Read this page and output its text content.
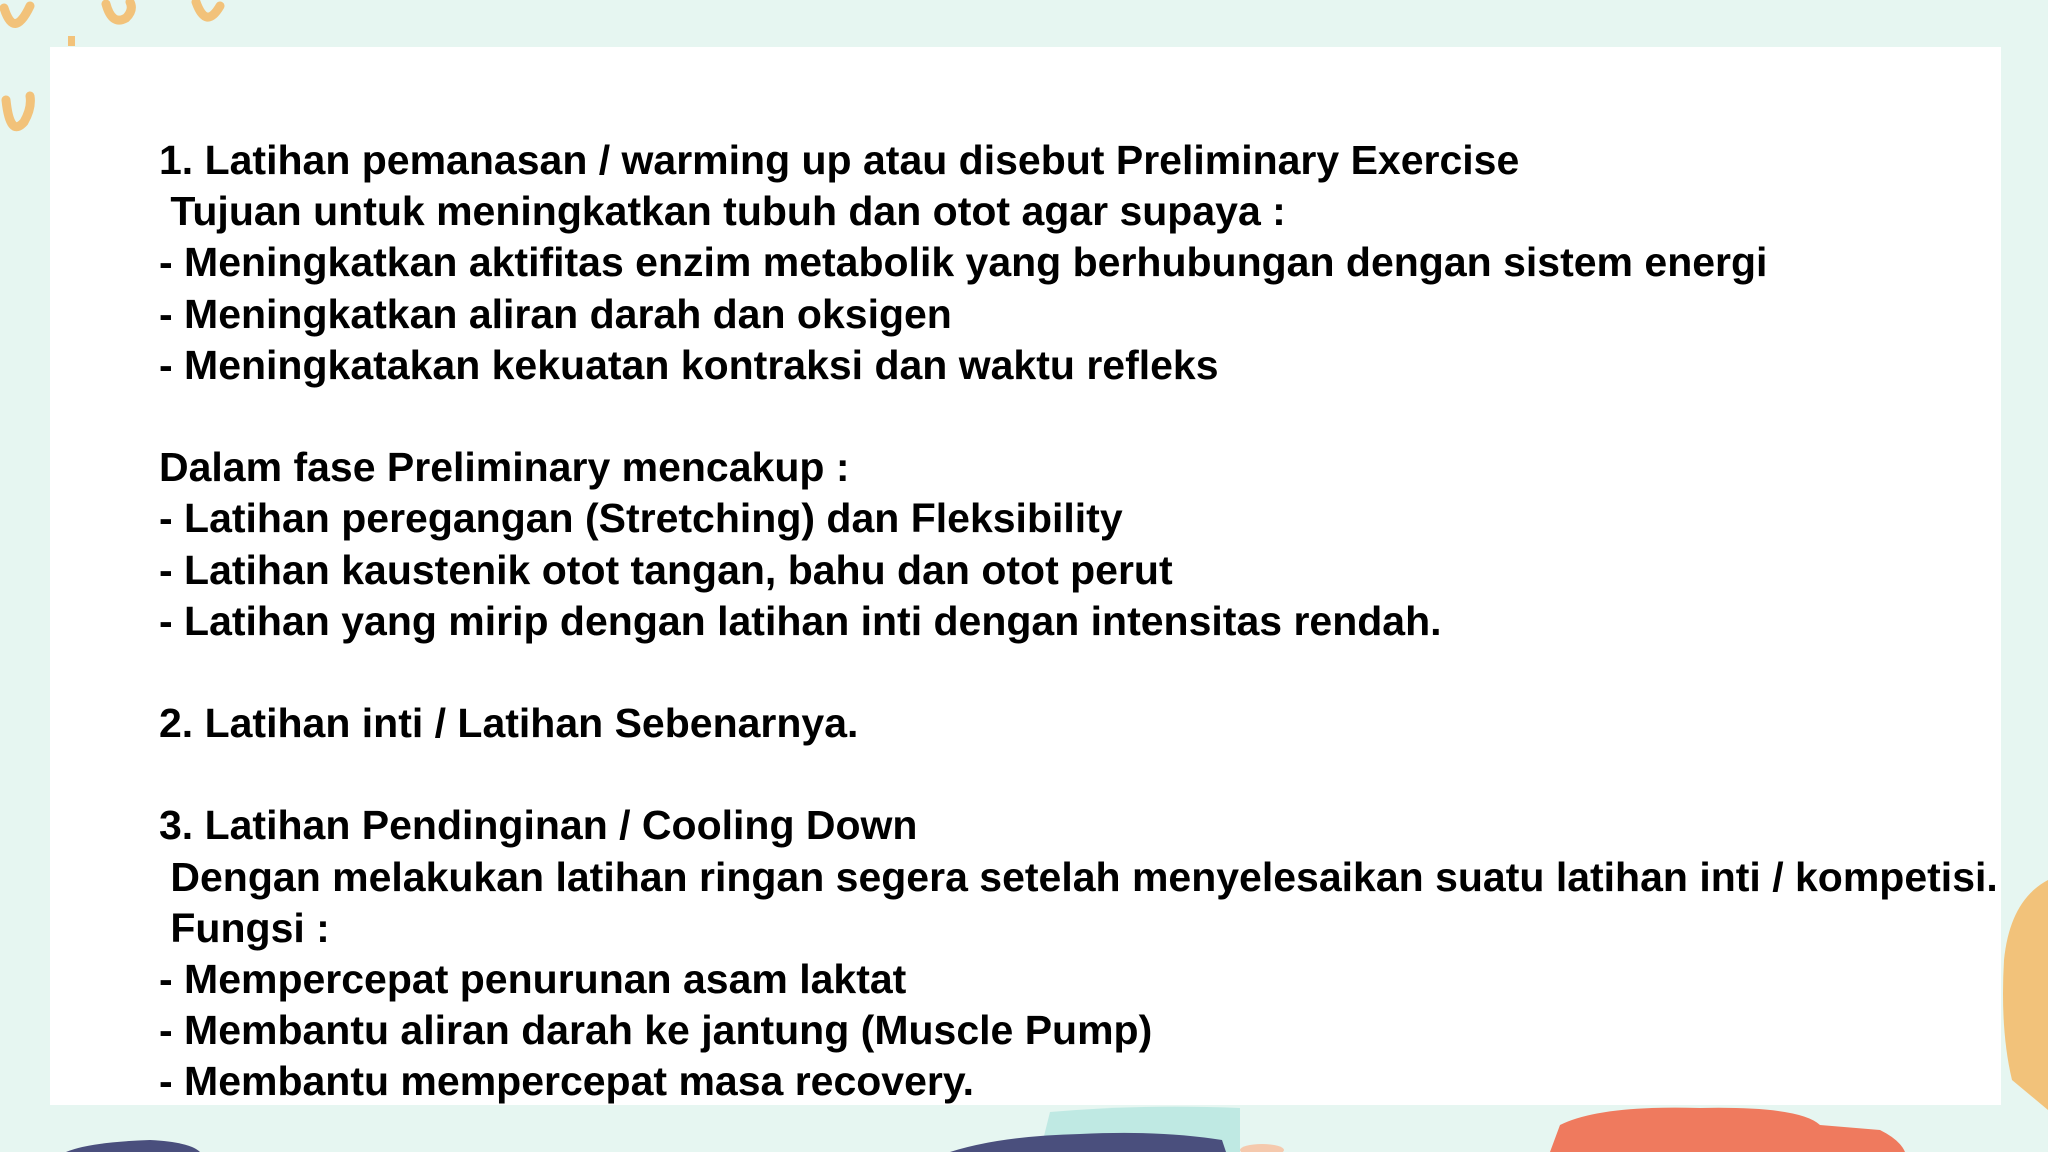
1. Latihan pemanasan / warming up atau disebut Preliminary Exercise
Tujuan untuk meningkatkan tubuh dan otot agar supaya :
- Meningkatkan aktifitas enzim metabolik yang berhubungan dengan sistem energi
- Meningkatkan aliran darah dan oksigen
- Meningkatakan kekuatan kontraksi dan waktu refleks
Dalam fase Preliminary mencakup :
- Latihan peregangan (Stretching) dan Fleksibility
- Latihan kaustenik otot tangan, bahu dan otot perut
- Latihan yang mirip dengan latihan inti dengan intensitas rendah.
2. Latihan inti / Latihan Sebenarnya.
3. Latihan Pendinginan / Cooling Down
Dengan melakukan latihan ringan segera setelah menyelesaikan suatu latihan inti / kompetisi.
Fungsi :
- Mempercepat penurunan asam laktat
- Membantu aliran darah ke jantung (Muscle Pump)
- Membantu mempercepat masa recovery.
